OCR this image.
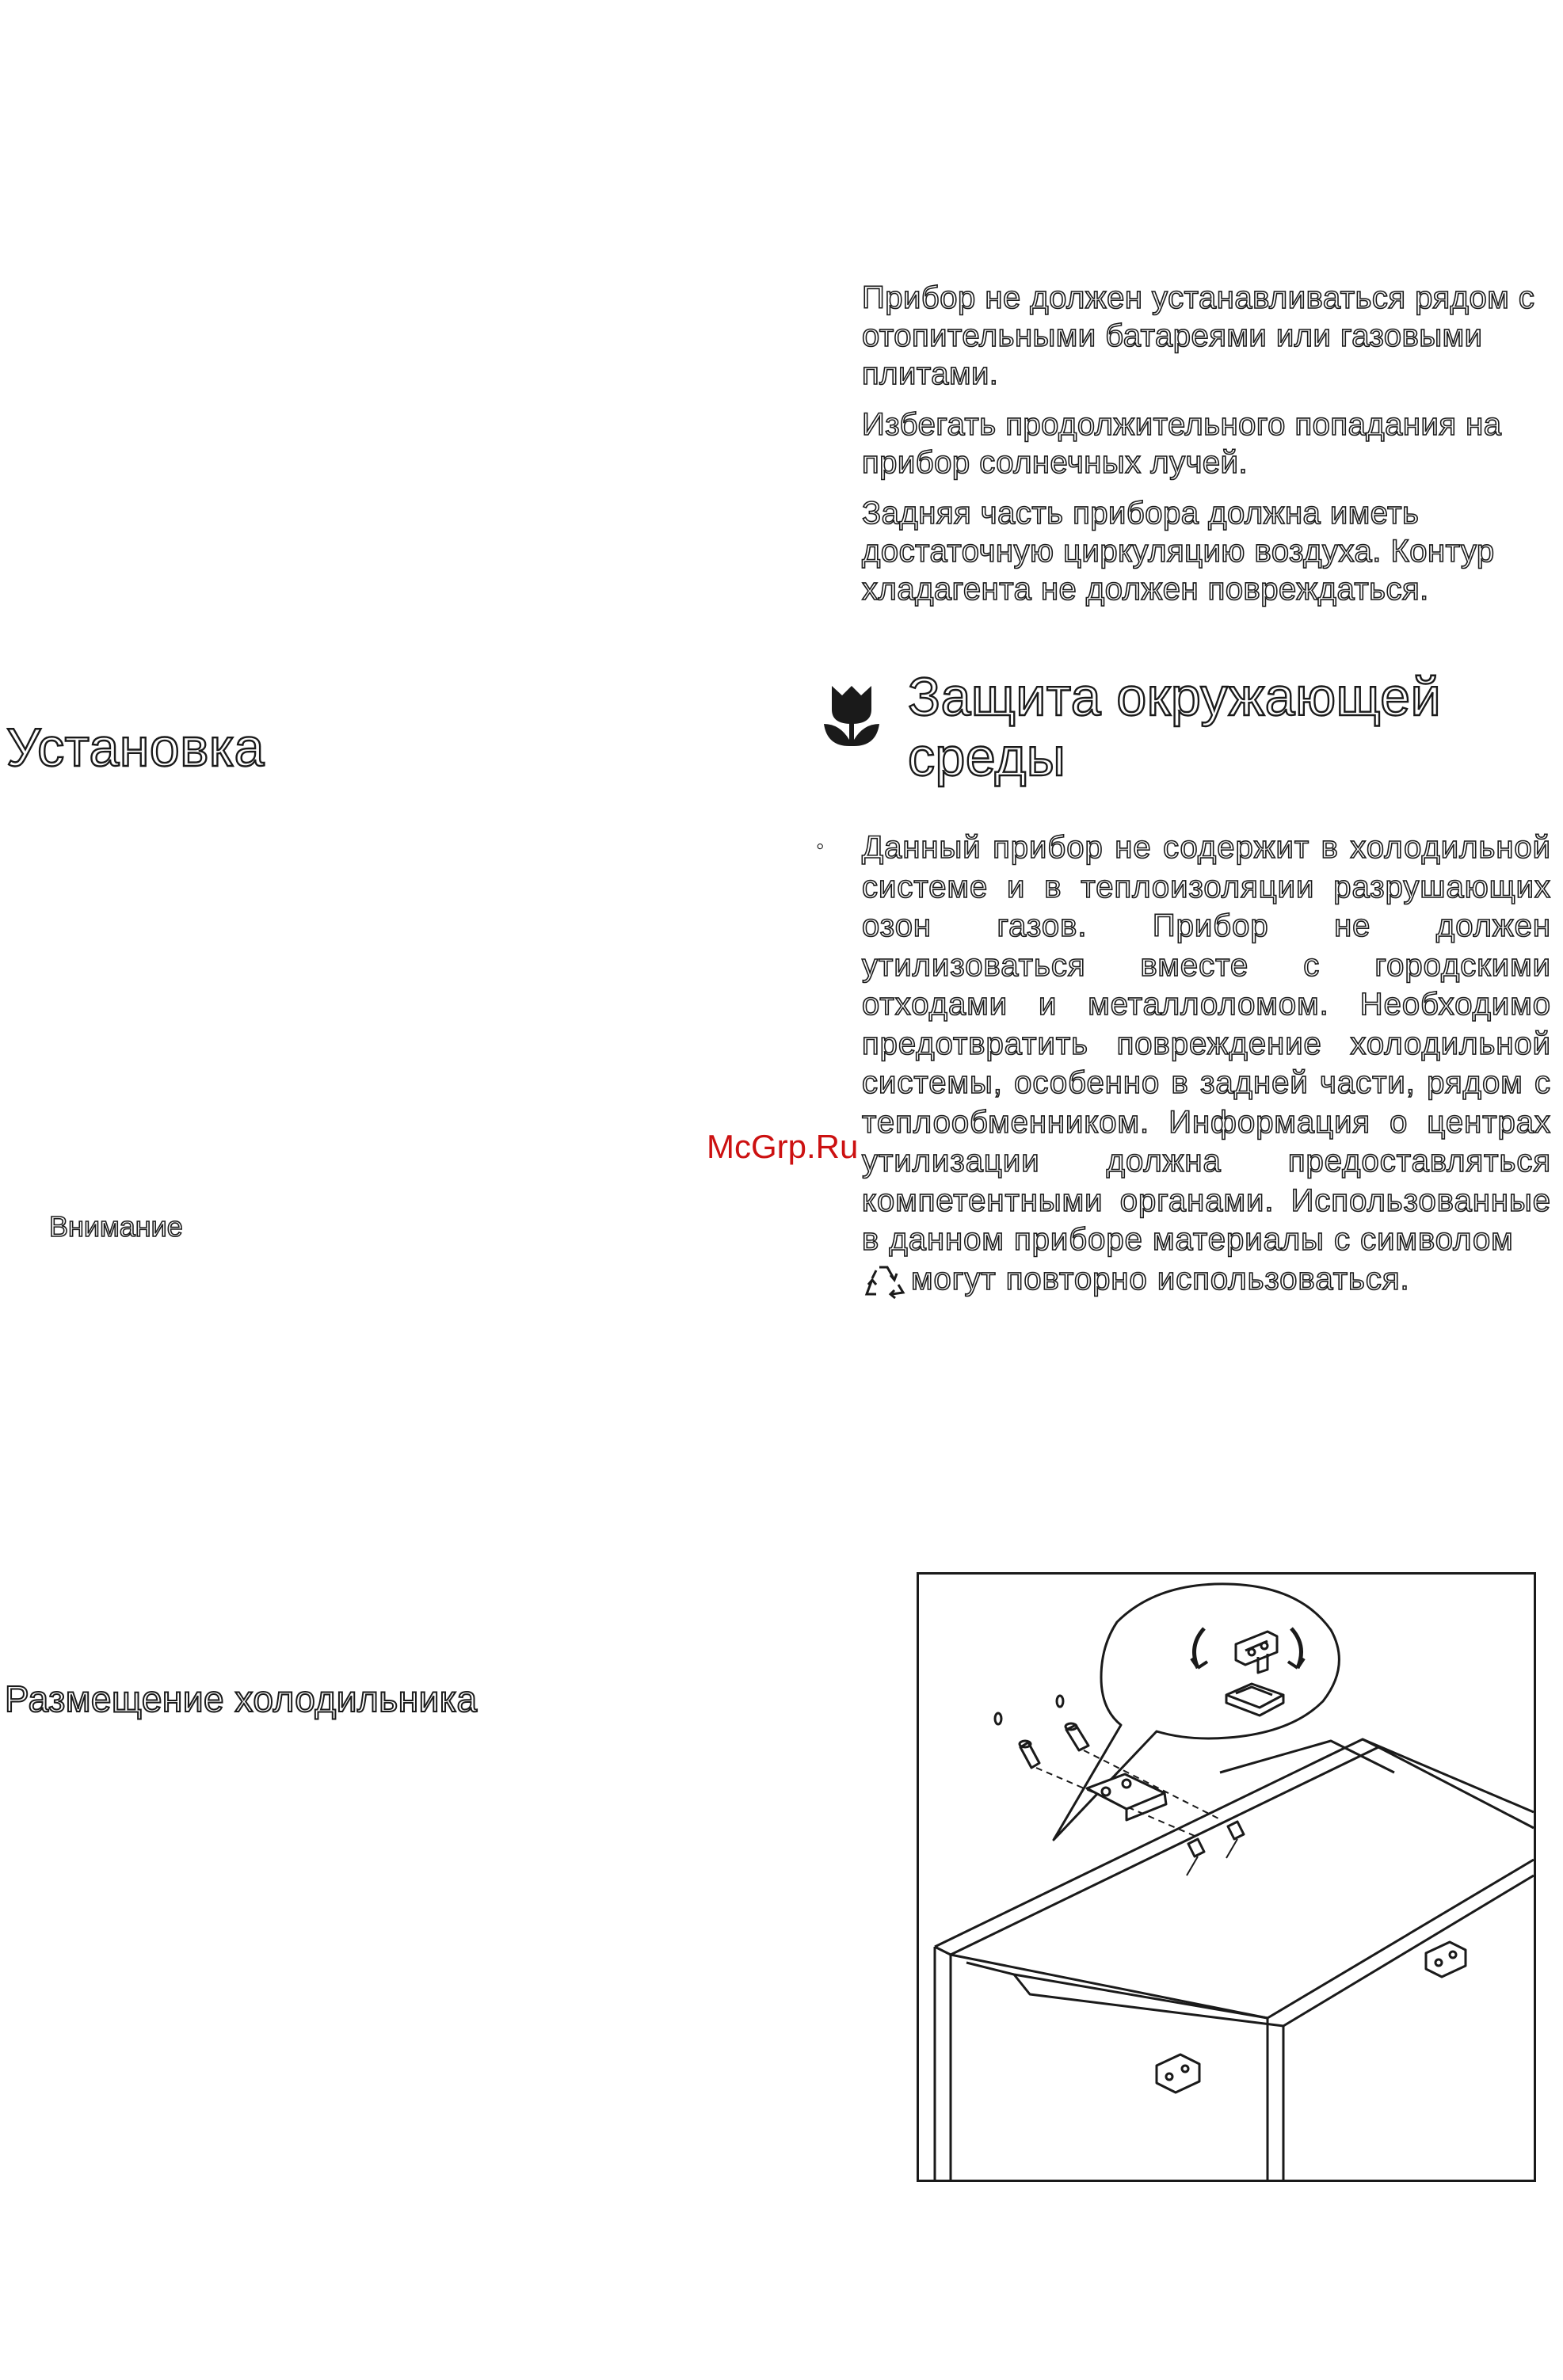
Установка
Внимание
Размещение холодильника

Прибор не должен устанавливаться рядом с отопительными батареями или газовыми плитами.

Избегать продолжительного попадания на прибор солнечных лучей.

Задняя часть прибора должна иметь достаточную циркуляцию воздуха. Контур хладагента не должен повреждаться.

Защита окружающей
среды
◦ Данный прибор не содержит в холодильной системе и в теплоизоляции разрушающих озон газов. Прибор не должен утилизоваться вместе с городскими отходами и металлоломом. Необходимо предотвратить повреждение холодильной системы, особенно в задней части, рядом с теплообменником. Информация о центрах утилизации должна предоставляться компетентными органами. Использованные в данном приборе материалы с символом
могут повторно использоваться.

McGrp.Ru
